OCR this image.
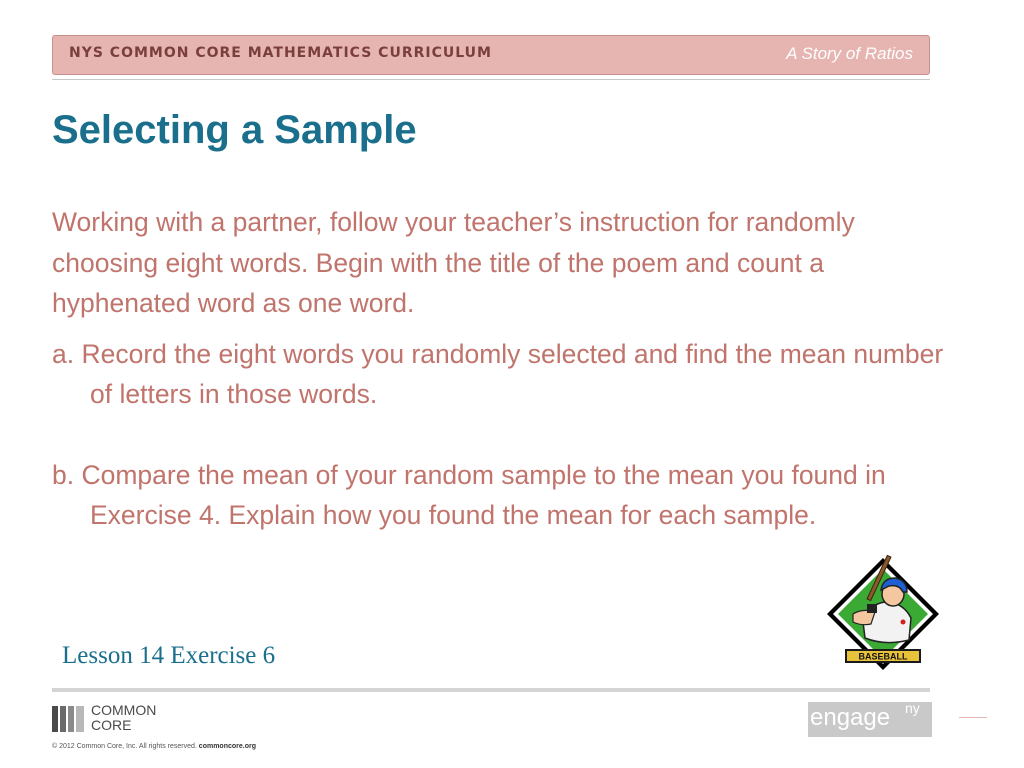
NYS COMMON CORE MATHEMATICS CURRICULUM	A Story of Ratios
Selecting a Sample

Working with a partner, follow your teacher’s instruction for randomly choosing eight words. Begin with the title of the poem and count a hyphenated word as one word.

a. Record the eight words you randomly selected and find the mean number of letters in those words.

b. Compare the mean of your random sample to the mean you found in Exercise 4. Explain how you found the mean for each sample.

Lesson 14 Exercise 6	BASEBALL
COMMON
CORE
© 2012 Common Core, Inc. All rights reserved. commoncore.org
engage ny
